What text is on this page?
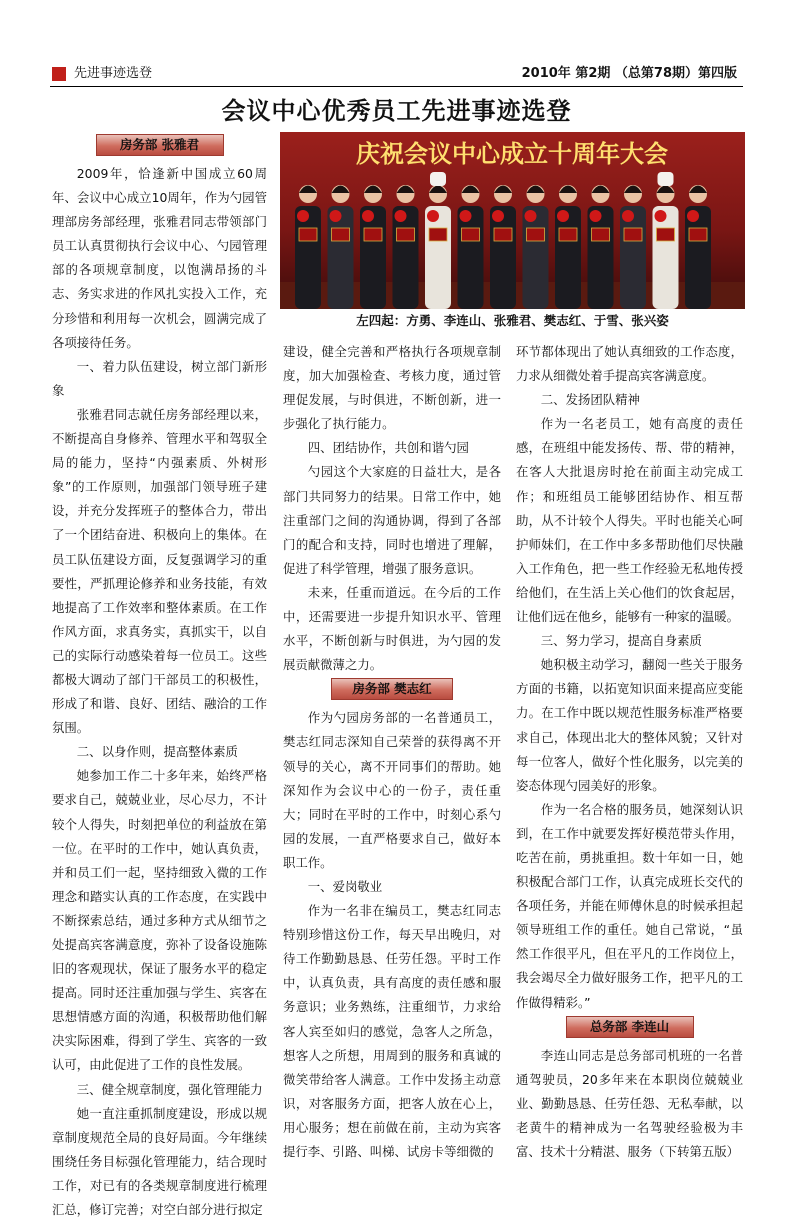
先进事迹选登	2010年 第2期 （总第78期）第四版
会议中心优秀员工先进事迹选登
房务部 张雅君

2009年，恰逢新中国成立60周年、会议中心成立10周年，作为勺园管理部房务部经理，张雅君同志带领部门员工认真贯彻执行会议中心、勺园管理部的各项规章制度，以饱满昂扬的斗志、务实求进的作风扎实投入工作，充分珍惜和利用每一次机会，圆满完成了各项接待任务。

一、着力队伍建设，树立部门新形象

张雅君同志就任房务部经理以来，不断提高自身修养、管理水平和驾驭全局的能力，坚持“内强素质、外树形象”的工作原则，加强部门领导班子建设，并充分发挥班子的整体合力，带出了一个团结奋进、积极向上的集体。在员工队伍建设方面，反复强调学习的重要性，严抓理论修养和业务技能，有效地提高了工作效率和整体素质。在工作作风方面，求真务实，真抓实干，以自己的实际行动感染着每一位员工。这些都极大调动了部门干部员工的积极性，形成了和谐、良好、团结、融洽的工作氛围。

二、以身作则，提高整体素质

她参加工作二十多年来，始终严格要求自己，兢兢业业，尽心尽力，不计较个人得失，时刻把单位的利益放在第一位。在平时的工作中，她认真负责，并和员工们一起，坚持细致入微的工作理念和踏实认真的工作态度，在实践中不断探索总结，通过多种方式从细节之处提高宾客满意度，弥补了设备设施陈旧的客观现状，保证了服务水平的稳定提高。同时还注重加强与学生、宾客在思想情感方面的沟通，积极帮助他们解决实际困难，得到了学生、宾客的一致认可，由此促进了工作的良性发展。

三、健全规章制度，强化管理能力

她一直注重抓制度建设，形成以规章制度规范全局的良好局面。今年继续围绕任务目标强化管理能力，结合现时工作，对已有的各类规章制度进行梳理汇总，修订完善；对空白部分进行拟定

庆祝会议中心成立十周年大会
左四起：方勇、李连山、张雅君、樊志红、于雪、张兴姿

建设，健全完善和严格执行各项规章制度，加大加强检查、考核力度，通过管理促发展，与时俱进，不断创新，进一步强化了执行能力。

四、团结协作，共创和谐勺园

勺园这个大家庭的日益壮大，是各部门共同努力的结果。日常工作中，她注重部门之间的沟通协调，得到了各部门的配合和支持，同时也增进了理解，促进了科学管理，增强了服务意识。

未来，任重而道远。在今后的工作中，还需要进一步提升知识水平、管理水平，不断创新与时俱进，为勺园的发展贡献微薄之力。

房务部 樊志红

作为勺园房务部的一名普通员工，樊志红同志深知自己荣誉的获得离不开领导的关心，离不开同事们的帮助。她深知作为会议中心的一份子，责任重大；同时在平时的工作中，时刻心系勺园的发展，一直严格要求自己，做好本职工作。

一、爱岗敬业

作为一名非在编员工，樊志红同志特别珍惜这份工作，每天早出晚归，对待工作勤勤恳恳、任劳任怨。平时工作中，认真负责，具有高度的责任感和服务意识；业务熟练，注重细节，力求给客人宾至如归的感觉，急客人之所急，想客人之所想，用周到的服务和真诚的微笑带给客人满意。工作中发扬主动意识，对客服务方面，把客人放在心上，用心服务；想在前做在前，主动为宾客提行李、引路、叫梯、试房卡等细微的

环节都体现出了她认真细致的工作态度，力求从细微处着手提高宾客满意度。

二、发扬团队精神

作为一名老员工，她有高度的责任感，在班组中能发扬传、帮、带的精神，在客人大批退房时抢在前面主动完成工作；和班组员工能够团结协作、相互帮助，从不计较个人得失。平时也能关心呵护师妹们，在工作中多多帮助他们尽快融入工作角色，把一些工作经验无私地传授给他们，在生活上关心他们的饮食起居，让他们远在他乡，能够有一种家的温暖。

三、努力学习，提高自身素质

她积极主动学习，翻阅一些关于服务方面的书籍，以拓宽知识面来提高应变能力。在工作中既以规范性服务标准严格要求自己，体现出北大的整体风貌；又针对每一位客人，做好个性化服务，以完美的姿态体现勺园美好的形象。

作为一名合格的服务员，她深刻认识到，在工作中就要发挥好模范带头作用，吃苦在前，勇挑重担。数十年如一日，她积极配合部门工作，认真完成班长交代的各项任务，并能在师傅休息的时候承担起领导班组工作的重任。她自己常说，“虽然工作很平凡，但在平凡的工作岗位上，我会竭尽全力做好服务工作，把平凡的工作做得精彩。”

总务部 李连山

李连山同志是总务部司机班的一名普通驾驶员，20多年来在本职岗位兢兢业业、勤勤恳恳、任劳任怨、无私奉献，以老黄牛的精神成为一名驾驶经验极为丰富、技术十分精湛、服务（下转第五版）
